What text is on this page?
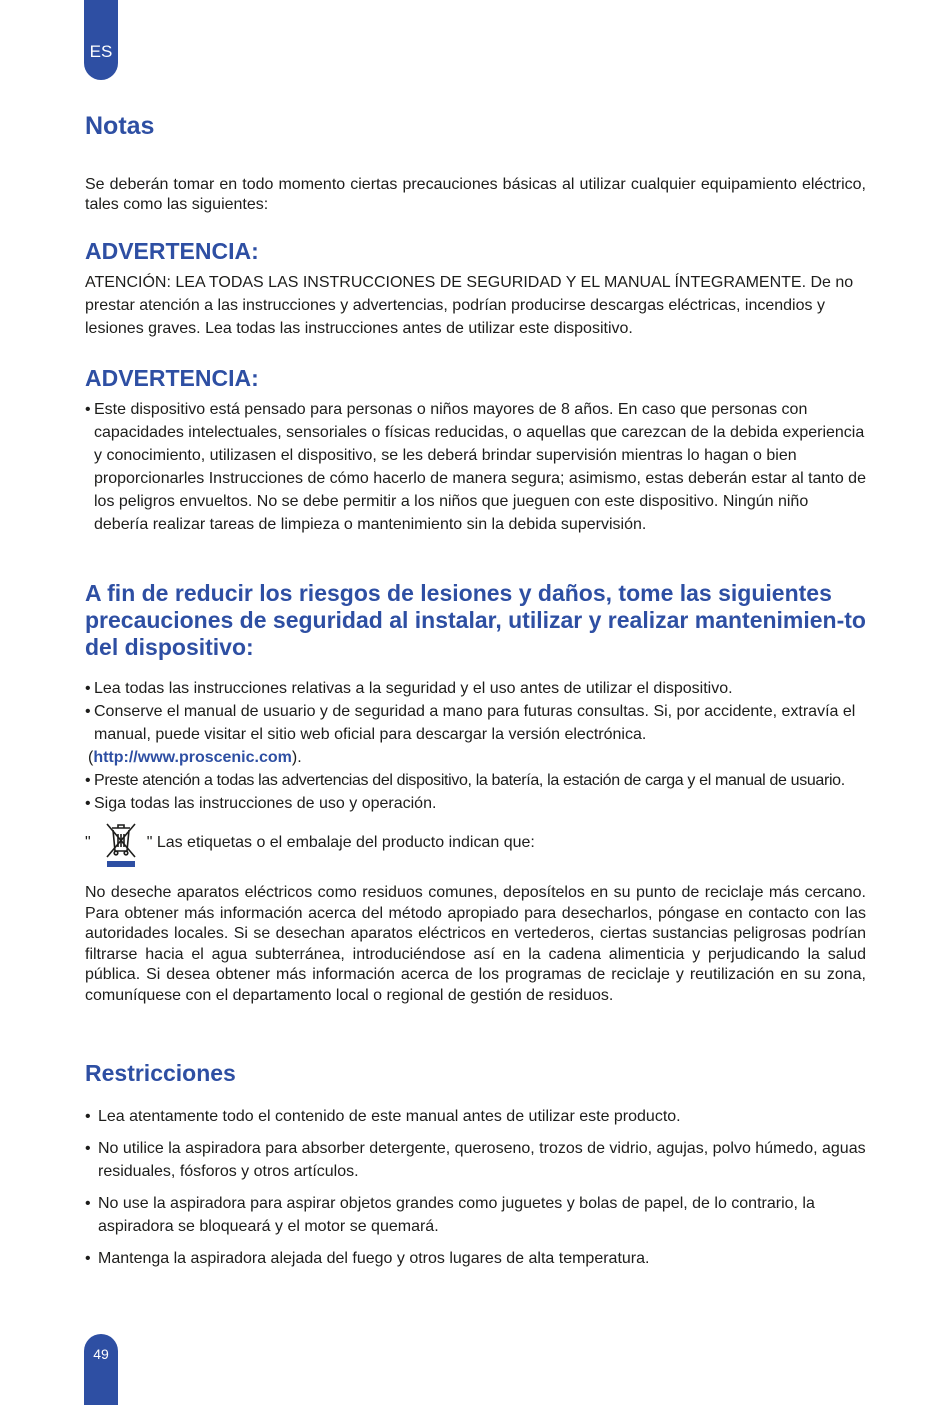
ES
Notas

Se deberán tomar en todo momento ciertas precauciones básicas al utilizar cualquier equipamiento eléctrico, tales como las siguientes:

ADVERTENCIA:

ATENCIÓN: LEA TODAS LAS INSTRUCCIONES DE SEGURIDAD Y EL MANUAL ÍNTEGRAMENTE. De no prestar atención a las instrucciones y advertencias, podrían producirse descargas eléctricas, incendios y lesiones graves. Lea todas las instrucciones antes de utilizar este dispositivo.

ADVERTENCIA:
• Este dispositivo está pensado para personas o niños mayores de 8 años. En caso que personas con capacidades intelectuales, sensoriales o físicas reducidas, o aquellas que carezcan de la debida experiencia y conocimiento, utilizasen el dispositivo, se les deberá brindar supervisión mientras lo hagan o bien proporcionarles Instrucciones de cómo hacerlo de manera segura; asimismo, estas deberán estar al tanto de los peligros envueltos. No se debe permitir a los niños que jueguen con este dispositivo. Ningún niño debería realizar tareas de limpieza o mantenimiento sin la debida supervisión.
A fin de reducir los riesgos de lesiones y daños, tome las siguientes precauciones de seguridad al instalar, utilizar y realizar mantenimien-to del dispositivo:
• Lea todas las instrucciones relativas a la seguridad y el uso antes de utilizar el dispositivo.
• Conserve el manual de usuario y de seguridad a mano para futuras consultas. Si, por accidente, extravía el manual, puede visitar el sitio web oficial para descargar la versión electrónica.
(http://www.proscenic.com).
• Preste atención a todas las advertencias del dispositivo, la batería, la estación de carga y el manual de usuario.
• Siga todas las instrucciones de uso y operación.
"	" Las etiquetas o el embalaje del producto indican que:

No deseche aparatos eléctricos como residuos comunes, deposítelos en su punto de reciclaje más cercano. Para obtener más información acerca del método apropiado para desecharlos, póngase en contacto con las autoridades locales. Si se desechan aparatos eléctricos en vertederos, ciertas sustancias peligrosas podrían filtrarse hacia el agua subterránea, introduciéndose así en la cadena alimenticia y perjudicando la salud pública. Si desea obtener más información acerca de los programas de reciclaje y reutilización en su zona, comuníquese con el departamento local o regional de gestión de residuos.

Restricciones
• Lea atentamente todo el contenido de este manual antes de utilizar este producto.
• No utilice la aspiradora para absorber detergente, queroseno, trozos de vidrio, agujas, polvo húmedo, aguas residuales, fósforos y otros artículos.
• No use la aspiradora para aspirar objetos grandes como juguetes y bolas de papel, de lo contrario, la aspiradora se bloqueará y el motor se quemará.
• Mantenga la aspiradora alejada del fuego y otros lugares de alta temperatura.
49
